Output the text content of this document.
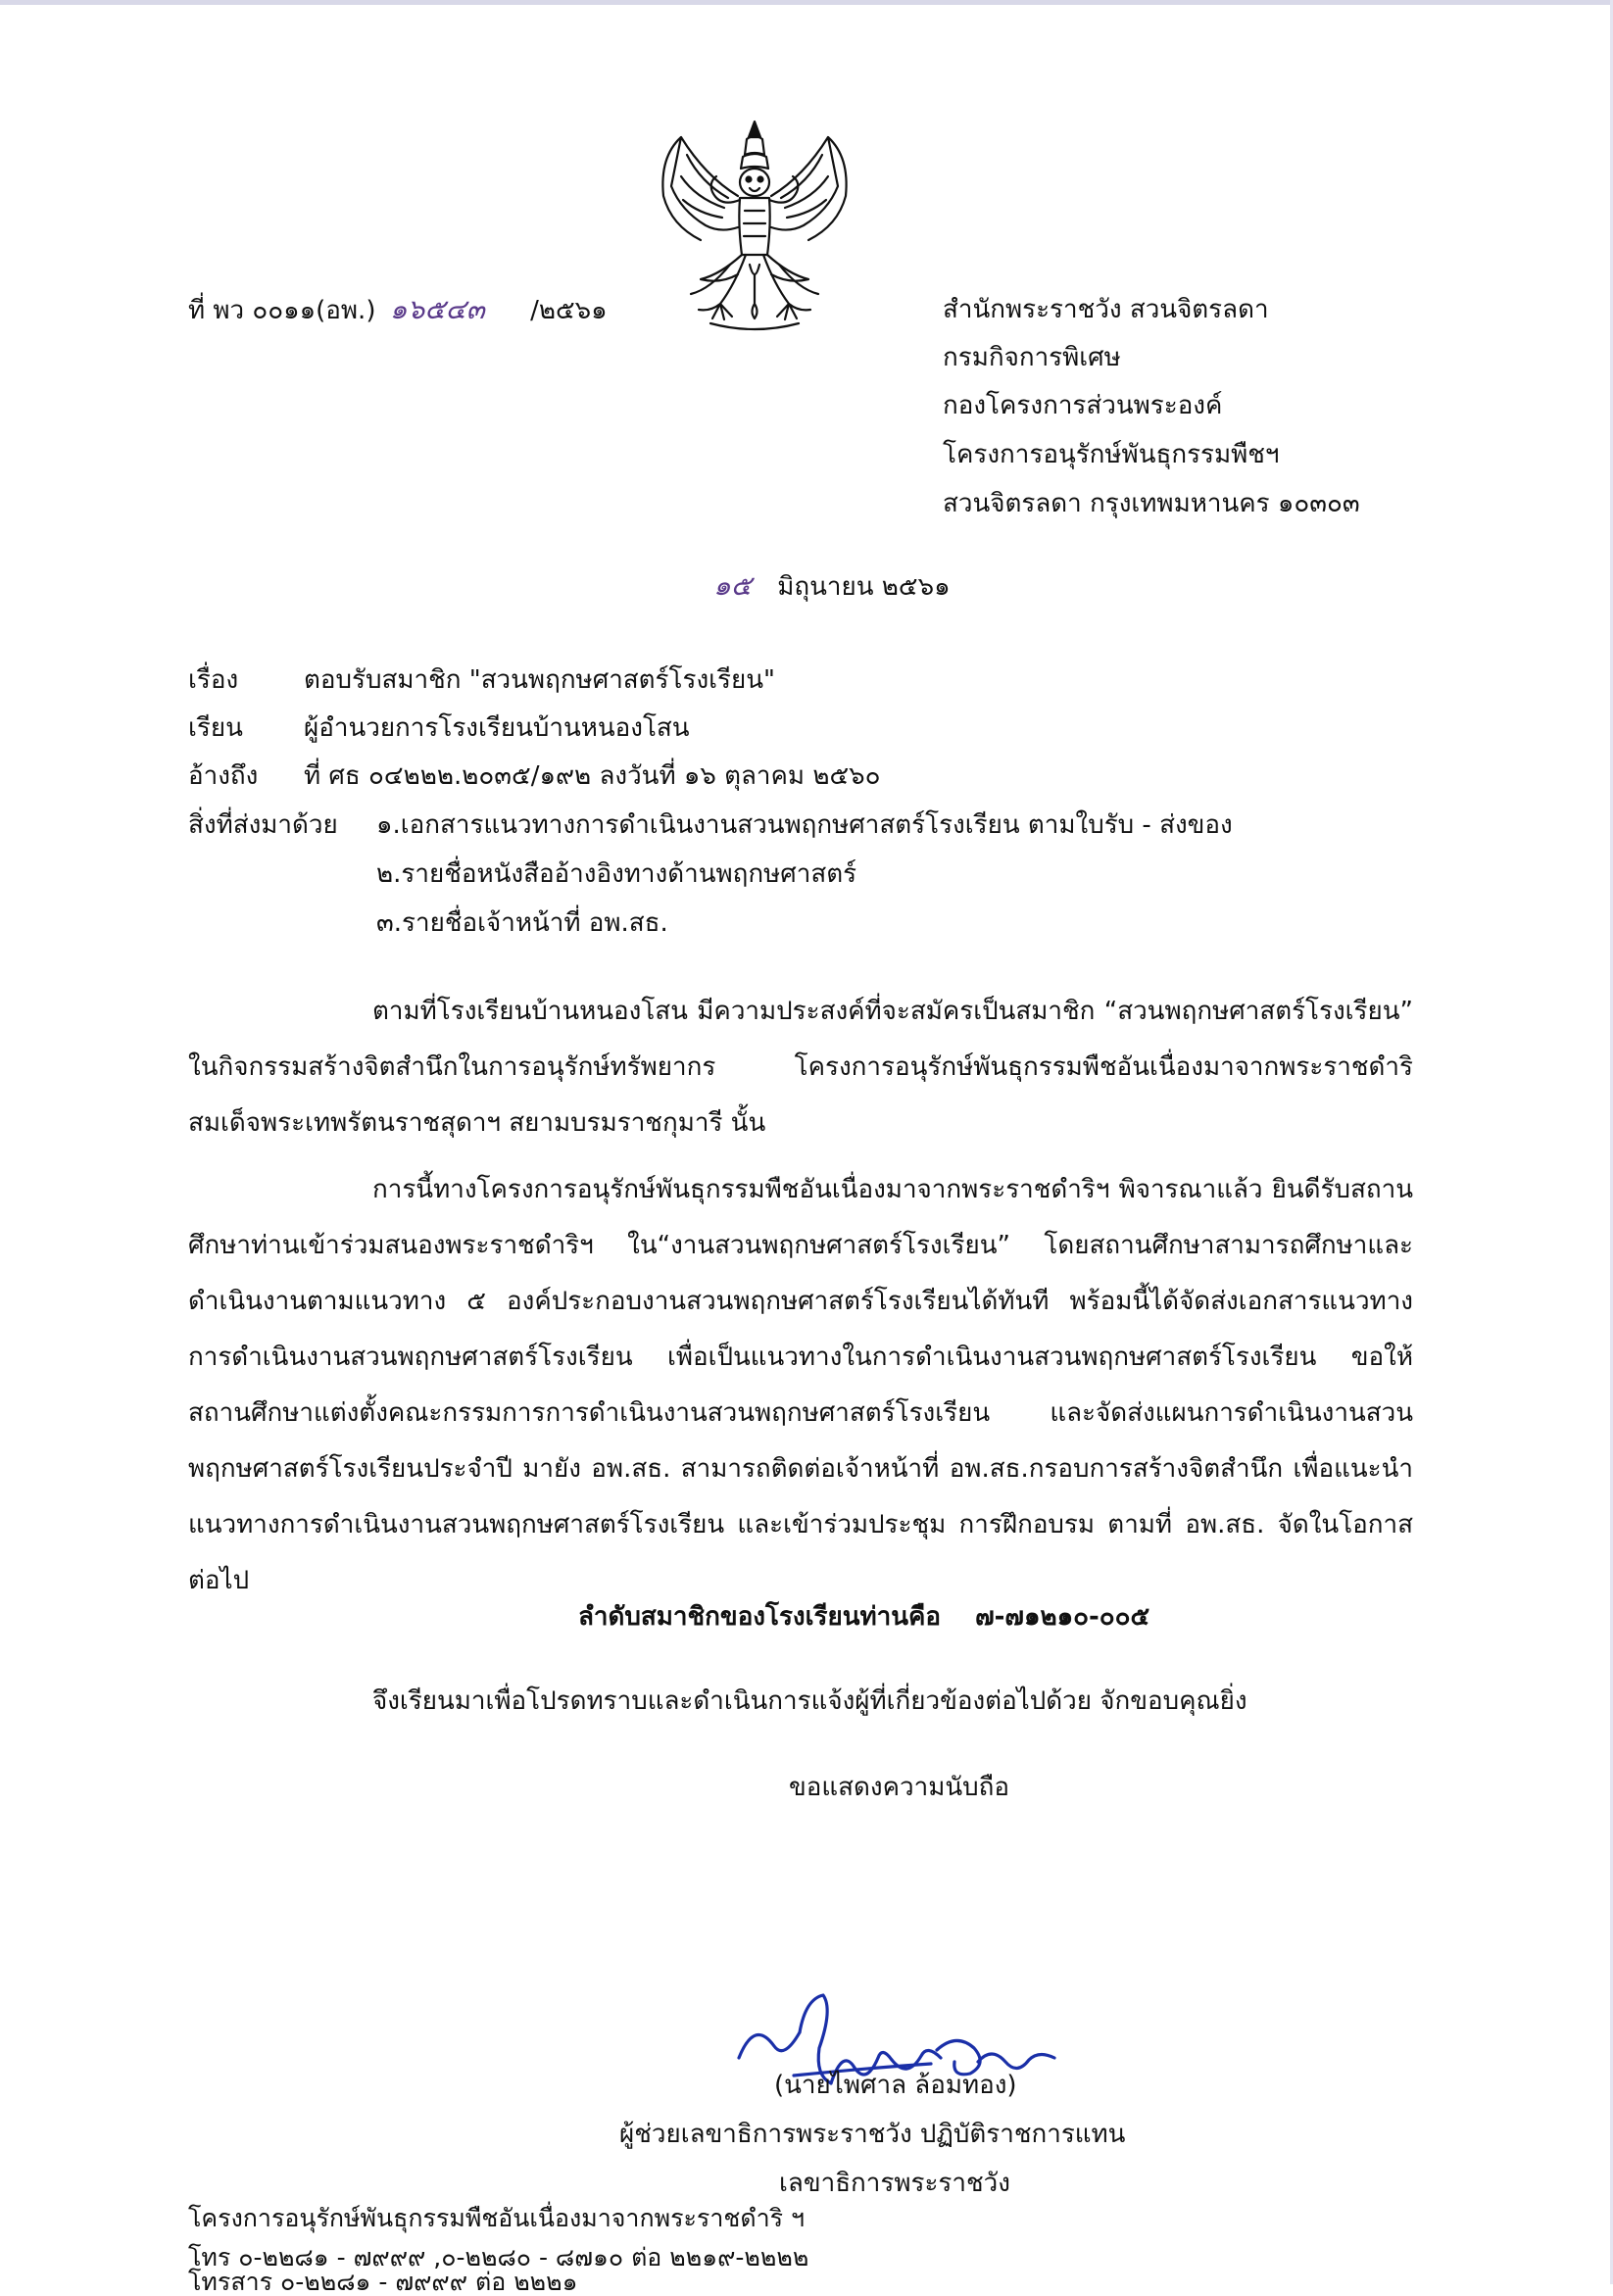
ที่ พว ๐๐๑๑(อพ.) ๑๖๕๔๓ /๒๕๖๑	สำนักพระราชวัง สวนจิตรลดา
กรมกิจการพิเศษ
กองโครงการส่วนพระองค์
โครงการอนุรักษ์พันธุกรรมพืชฯ
สวนจิตรลดา กรุงเทพมหานคร ๑๐๓๐๓
๑๕ มิถุนายน ๒๕๖๑
เรื่อง	ตอบรับสมาชิก "สวนพฤกษศาสตร์โรงเรียน"
เรียน ผู้อำนวยการโรงเรียนบ้านหนองโสน
อ้างถึง ที่ ศธ ๐๔๒๒๒.๒๐๓๕/๑๙๒ ลงวันที่ ๑๖ ตุลาคม ๒๕๖๐
สิ่งที่ส่งมาด้วย ๑.เอกสารแนวทางการดำเนินงานสวนพฤกษศาสตร์โรงเรียน ตามใบรับ - ส่งของ
๒.รายชื่อหนังสืออ้างอิงทางด้านพฤกษศาสตร์
๓.รายชื่อเจ้าหน้าที่ อพ.สธ.
ตามที่โรงเรียนบ้านหนองโสน มีความประสงค์ที่จะสมัครเป็นสมาชิก “สวนพฤกษศาสตร์โรงเรียน” ในกิจกรรมสร้างจิตสำนึกในการอนุรักษ์ทรัพยากร โครงการอนุรักษ์พันธุกรรมพืชอันเนื่องมาจากพระราชดำริ สมเด็จพระเทพรัตนราชสุดาฯ สยามบรมราชกุมารี นั้น
การนี้ทางโครงการอนุรักษ์พันธุกรรมพืชอันเนื่องมาจากพระราชดำริฯ พิจารณาแล้ว ยินดีรับสถานศึกษาท่านเข้าร่วมสนองพระราชดำริฯ ใน“งานสวนพฤกษศาสตร์โรงเรียน” โดยสถานศึกษาสามารถศึกษาและดำเนินงานตามแนวทาง ๕ องค์ประกอบงานสวนพฤกษศาสตร์โรงเรียนได้ทันที พร้อมนี้ได้จัดส่งเอกสารแนวทางการดำเนินงานสวนพฤกษศาสตร์โรงเรียน เพื่อเป็นแนวทางในการดำเนินงานสวนพฤกษศาสตร์โรงเรียน ขอให้สถานศึกษาแต่งตั้งคณะกรรมการการดำเนินงานสวนพฤกษศาสตร์โรงเรียน และจัดส่งแผนการดำเนินงานสวนพฤกษศาสตร์โรงเรียนประจำปี มายัง อพ.สธ. สามารถติดต่อเจ้าหน้าที่ อพ.สธ.กรอบการสร้างจิตสำนึก เพื่อแนะนำแนวทางการดำเนินงานสวนพฤกษศาสตร์โรงเรียน และเข้าร่วมประชุม การฝึกอบรม ตามที่ อพ.สธ. จัดในโอกาสต่อไป
ลำดับสมาชิกของโรงเรียนท่านคือ ๗-๗๑๒๑๐-๐๐๕
จึงเรียนมาเพื่อโปรดทราบและดำเนินการแจ้งผู้ที่เกี่ยวข้องต่อไปด้วย จักขอบคุณยิ่ง
ขอแสดงความนับถือ
(นายไพศาล ล้อมทอง)
ผู้ช่วยเลขาธิการพระราชวัง ปฏิบัติราชการแทน
เลขาธิการพระราชวัง
โครงการอนุรักษ์พันธุกรรมพืชอันเนื่องมาจากพระราชดำริ ฯ
โทร ๐-๒๒๘๑ - ๗๙๙๙ ,๐-๒๒๘๐ - ๘๗๑๐ ต่อ ๒๒๑๙-๒๒๒๒
โทรสาร ๐-๒๒๘๑ - ๗๙๙๙ ต่อ ๒๒๒๑
